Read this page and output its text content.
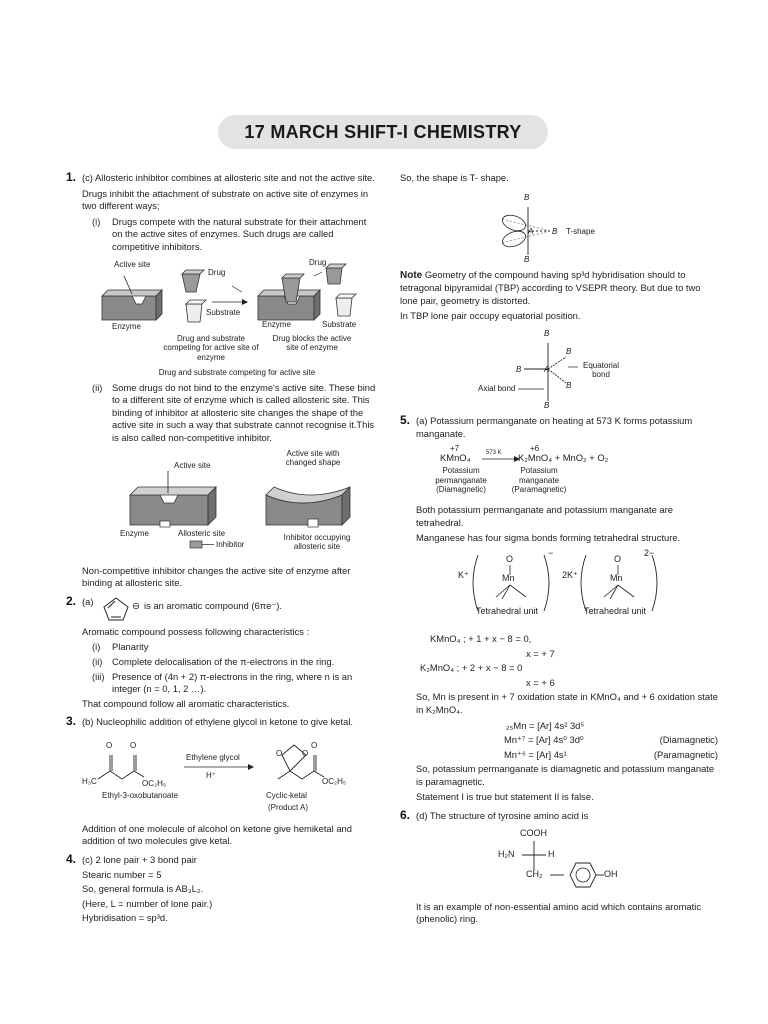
17 MARCH SHIFT-I CHEMISTRY
1. (c) Allosteric inhibitor combines at allosteric site and not the active site.

Drugs inhibit the attachment of substrate on active site of enzymes in two different ways;

(i) Drugs compete with the natural substrate for their attachment on the active sites of enzymes. Such drugs are called competitive inhibitors.
Active site
Drug
Drug
Substrate
Substrate
Enzyme	Enzyme
Drug and substrate competing for active site of enzyme
Drug blocks the active site of enzyme
Drug and substrate competing for active site
(ii) Some drugs do not bind to the enzyme's active site. These bind to a different site of enzyme which is called allosteric site. This binding of inhibitor at allosteric site changes the shape of the active site in such a way that substrate cannot recognise it.This is also called non-competitive inhibitor.
Active site
Active site with changed shape
Enzyme	Allosteric site
Inhibitor
Inhibitor occupying allosteric site

Non-competitive inhibitor changes the active site of enzyme after binding at allosteric site.

2. (a)	⊖ is an aromatic compound (6πe⁻).

Aromatic compound possess following characteristics :

(i) Planarity
(ii) Complete delocalisation of the π-electrons in the ring.
(iii) Presence of (4n + 2) π-electrons in the ring, where n is an integer (n = 0, 1, 2 …).

That compound follow all aromatic characteristics.

3. (b) Nucleophilic addition of ethylene glycol in ketone to give ketal.

O O
H₃C	OC₂H₅
Ethylene glycol
H⁺
O O
O
OC₂H₅
Ethyl-3-oxobutanoate	Cyclic-ketal
(Product A)

Addition of one molecule of alcohol on ketone give hemiketal and addition of two molecules give ketal.

4. (c) 2 lone pair + 3 bond pair

Stearic number = 5

So, general formula is AB₃L₂.

(Here, L = number of lone pair.)

Hybridisation = sp³d.

So, the shape is T- shape.

B
A B T-shape
B

Note Geometry of the compound having sp³d hybridisation should to tetragonal bipyramidal (TBP) according to VSEPR theory. But due to two lone pair, geometry is distorted.

In TBP lone pair occupy equatorial position.

B
B
B	A
B
B
Equatorial bond
Axial bond
5. (a) Potassium permanganate on heating at 573 K forms potassium manganate.

+7	+6
KMnO₄	573 K K₂MnO₄ + MnO₂ + O₂
Potassium permanganate (Diamagnetic)
Potassium manganate (Paramagnetic)

Both potassium permanganate and potassium manganate are tetrahedral.

Manganese has four sigma bonds forming tetrahedral structure.

K⁺
−
O
Mn
Tetrahedral unit
2K⁺
2−
O
Mn
Tetrahedral unit

KMnO₄ ; + 1 + x − 8 = 0,

x = + 7

K₂MnO₄ ; + 2 + x − 8 = 0

x = + 6

So, Mn is present in + 7 oxidation state in KMnO₄ and + 6 oxidation state in K₂MnO₄.

₂₅Mn = [Ar] 4s² 3d⁵

Mn⁺⁷ = [Ar] 4s⁰ 3d⁰	(Diamagnetic)
Mn⁺⁶ = [Ar] 4s¹	(Paramagnetic)

So, potassium permanganate is diamagnetic and potassium manganate is paramagnetic.

Statement I is true but statement II is false.

6. (d) The structure of tyrosine amino acid is

COOH
H₂N	H
CH₂	OH

It is an example of non-essential amino acid which contains aromatic (phenolic) ring.
